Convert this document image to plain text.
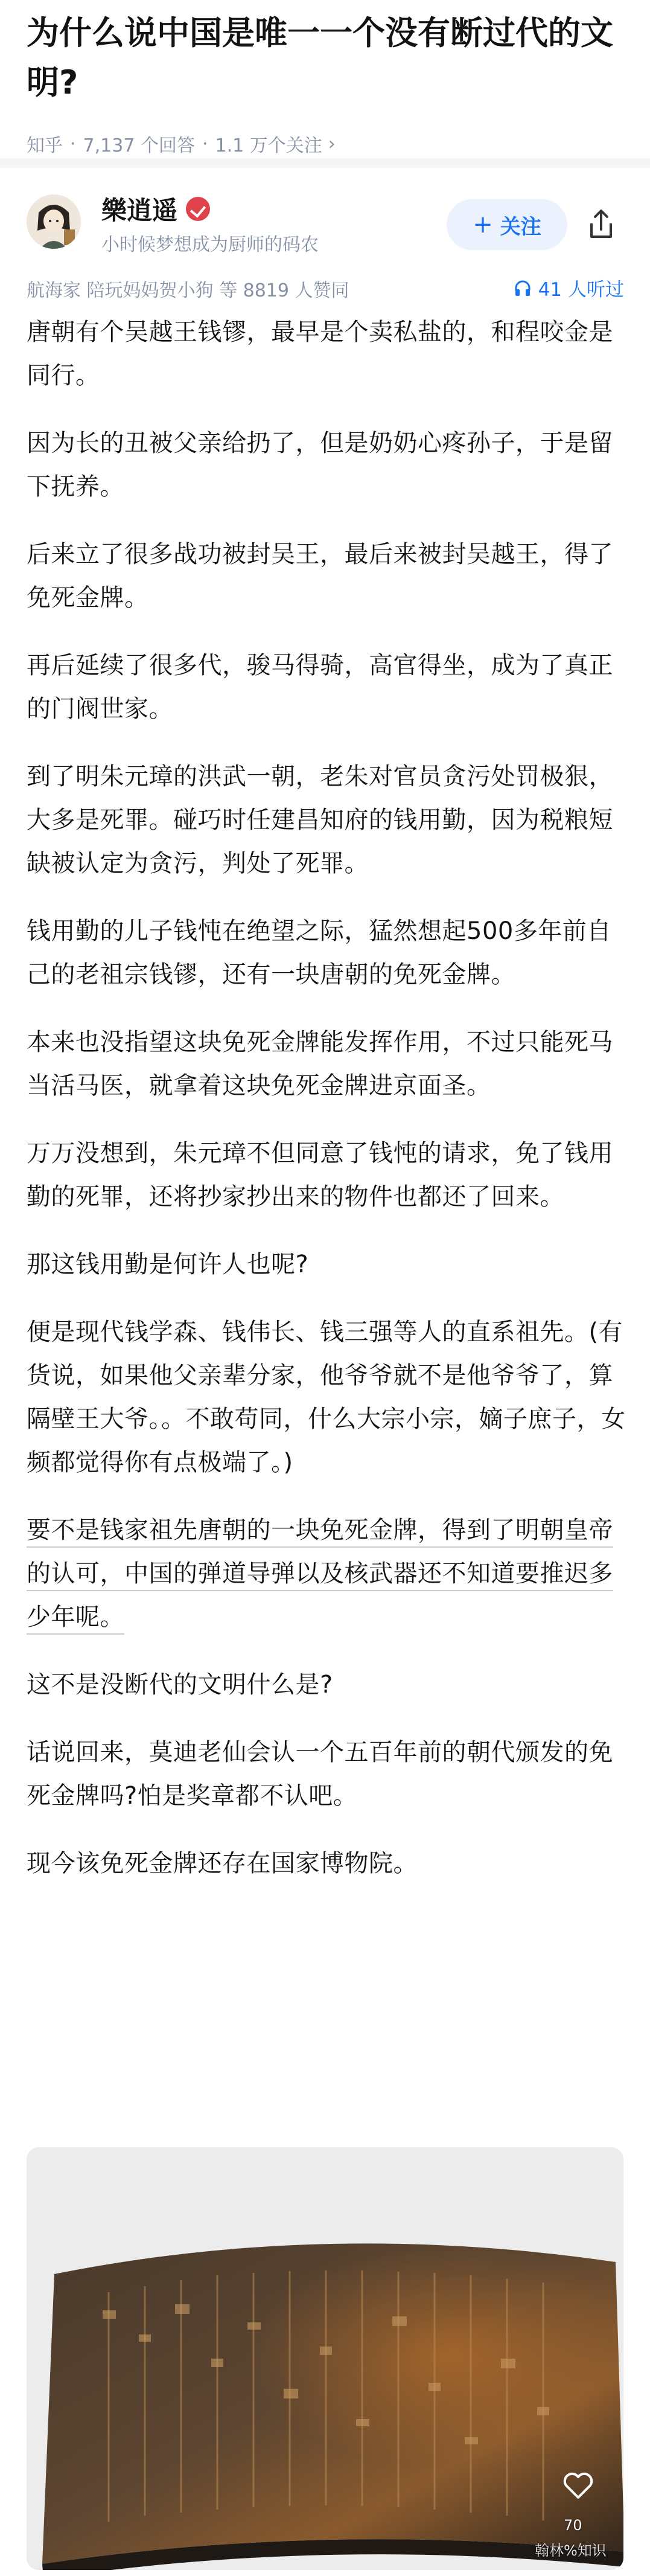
为什么说中国是唯一一个没有断过代的文明?
知乎 · 7,137 个回答 · 1.1 万个关注 ›
樂逍遥
小时候梦想成为厨师的码农
+ 关注
航海家 陪玩妈妈贺小狗 等 8819 人赞同	41 人听过

唐朝有个吴越王钱镠，最早是个卖私盐的，和程咬金是同行。

因为长的丑被父亲给扔了，但是奶奶心疼孙子，于是留下抚养。

后来立了很多战功被封吴王，最后来被封吴越王，得了免死金牌。

再后延续了很多代，骏马得骑，高官得坐，成为了真正的门阀世家。

到了明朱元璋的洪武一朝，老朱对官员贪污处罚极狠，大多是死罪。碰巧时任建昌知府的钱用勤，因为税粮短缺被认定为贪污，判处了死罪。

钱用勤的儿子钱忳在绝望之际，猛然想起500多年前自己的老祖宗钱镠，还有一块唐朝的免死金牌。

本来也没指望这块免死金牌能发挥作用，不过只能死马当活马医，就拿着这块免死金牌进京面圣。

万万没想到，朱元璋不但同意了钱忳的请求，免了钱用勤的死罪，还将抄家抄出来的物件也都还了回来。

那这钱用勤是何许人也呢?

便是现代钱学森、钱伟长、钱三强等人的直系祖先。(有货说，如果他父亲辈分家，他爷爷就不是他爷爷了，算隔壁王大爷。。不敢苟同，什么大宗小宗，嫡子庶子，女频都觉得你有点极端了。)

要不是钱家祖先唐朝的一块免死金牌，得到了明朝皇帝的认可，中国的弹道导弹以及核武器还不知道要推迟多少年呢。

这不是没断代的文明什么是?

话说回来，莫迪老仙会认一个五百年前的朝代颁发的免死金牌吗?怕是奖章都不认吧。

现今该免死金牌还存在国家博物院。

70
翰林%知识
